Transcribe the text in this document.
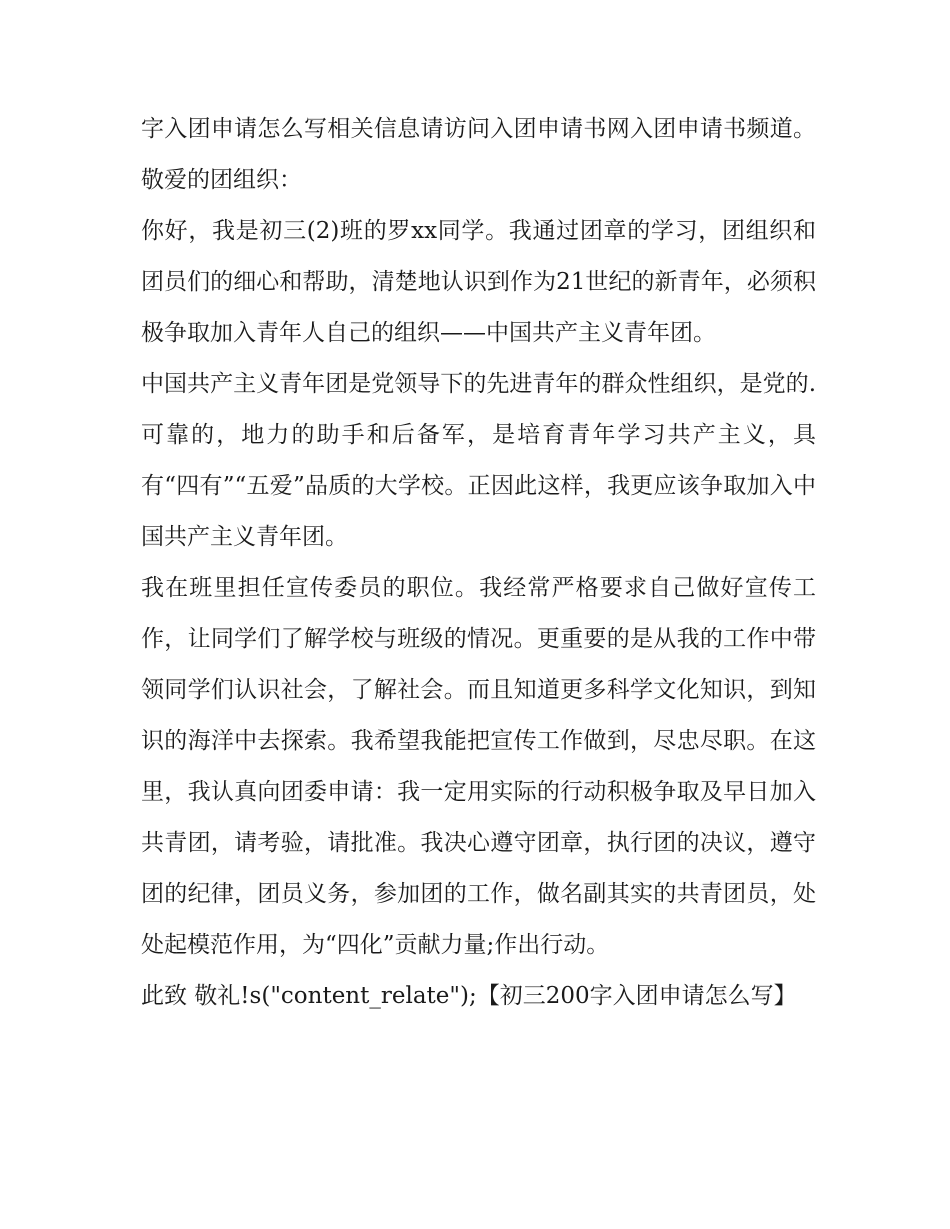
字入团申请怎么写相关信息请访问入团申请书网入团申请书频道。 敬爱的团组织：

你好，我是初三(2)班的罗xx同学。我通过团章的学习，团组织和团员们的细心和帮助，清楚地认识到作为21世纪的新青年，必须积极争取加入青年人自己的组织——中国共产主义青年团。

中国共产主义青年团是党领导下的先进青年的群众性组织，是党的.可靠的，地力的助手和后备军，是培育青年学习共产主义，具有“四有”“五爱”品质的大学校。正因此这样，我更应该争取加入中国共产主义青年团。

我在班里担任宣传委员的职位。我经常严格要求自己做好宣传工作，让同学们了解学校与班级的情况。更重要的是从我的工作中带领同学们认识社会，了解社会。而且知道更多科学文化知识，到知识的海洋中去探索。我希望我能把宣传工作做到，尽忠尽职。在这里，我认真向团委申请：我一定用实际的行动积极争取及早日加入共青团，请考验，请批准。我决心遵守团章，执行团的决议，遵守团的纪律，团员义务，参加团的工作，做名副其实的共青团员，处处起模范作用，为“四化”贡献力量;作出行动。

此致 敬礼!s("content_relate");【初三200字入团申请怎么写】
